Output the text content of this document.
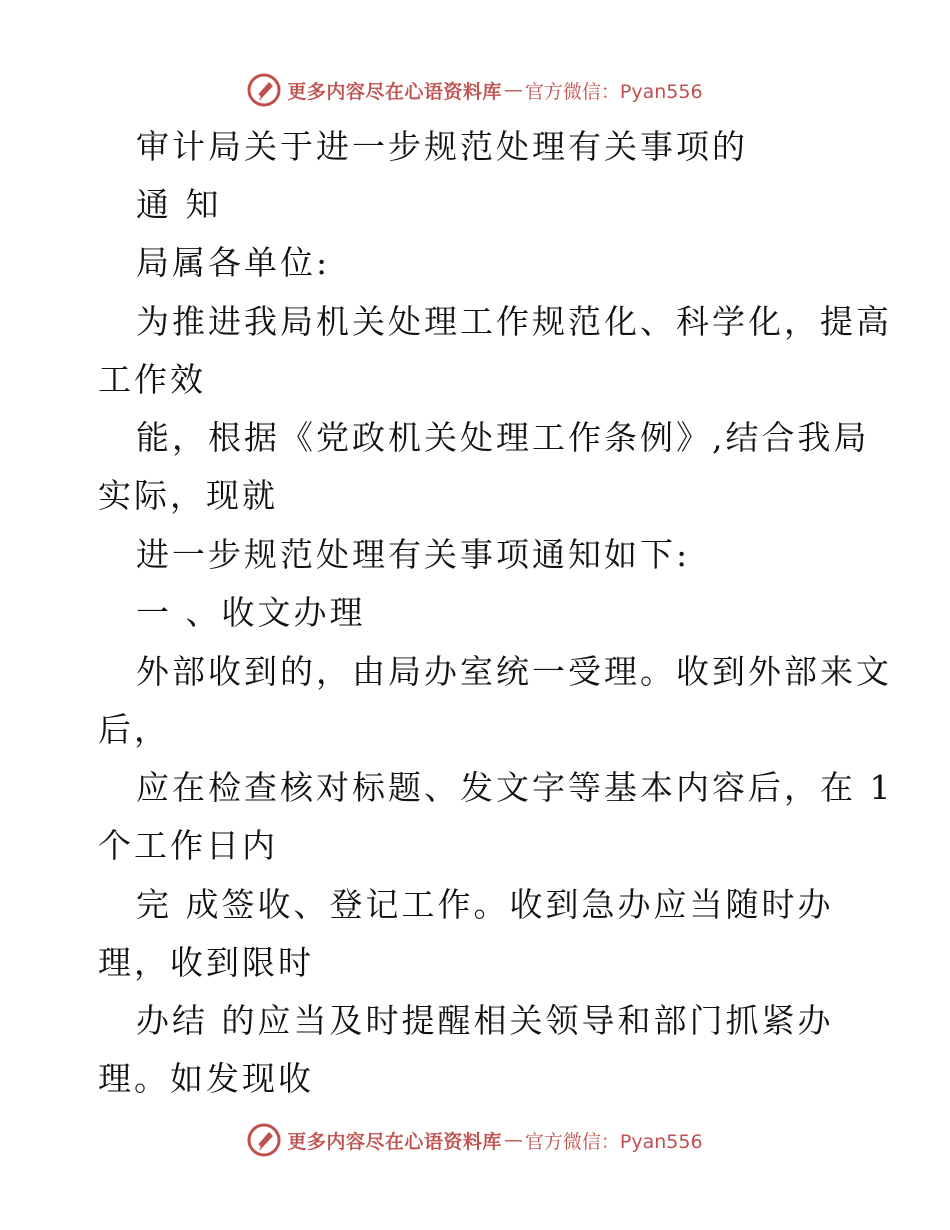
更多内容尽在心语资料库 — 官方微信：Pyan556
审计局关于进一步规范处理有关事项的
通 知
局属各单位:
为推进我局机关处理工作规范化、科学化，提高
工作效
能，根据《党政机关处理工作条例》,结合我局
实际，现就
进一步规范处理有关事项通知如下:
一 、收文办理
外部收到的，由局办室统一受理。收到外部来文
后，
应在检查核对标题、发文字等基本内容后，在 1
个工作日内
完 成签收、登记工作。收到急办应当随时办
理，收到限时
办结 的应当及时提醒相关领导和部门抓紧办
理。如发现收
更多内容尽在心语资料库 — 官方微信：Pyan556
